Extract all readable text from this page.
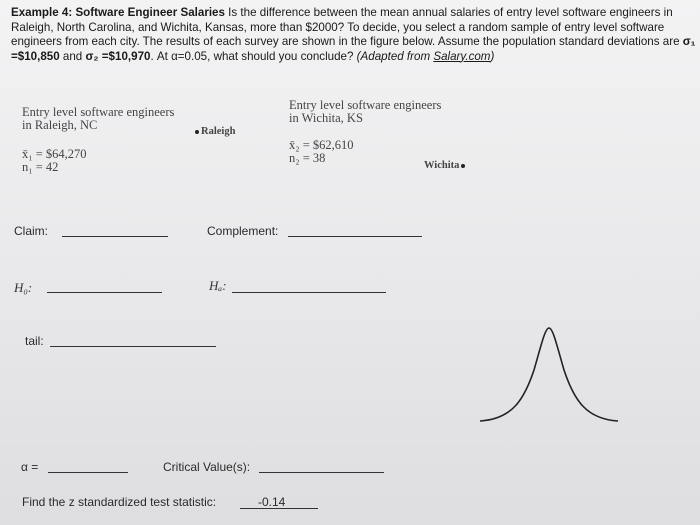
Example 4: Software Engineer Salaries Is the difference between the mean annual salaries of entry level software engineers in Raleigh, North Carolina, and Wichita, Kansas, more than $2000? To decide, you select a random sample of entry level software engineers from each city. The results of each survey are shown in the figure below. Assume the population standard deviations are σ₁ =$10,850 and σ₂ =$10,970. At α=0.05, what should you conclude? (Adapted from Salary.com)
Entry level software engineers
in Raleigh, NC	Raleigh
x̄₁ = $64,270
n₁ = 42
Entry level software engineers
in Wichita, KS
x̄₂ = $62,610
n₂ = 38
Wichita
Claim:	Complement:
H₀:	Hₐ:
tail:
α =	Critical Value(s):
Find the z standardized test statistic:	-0.14
